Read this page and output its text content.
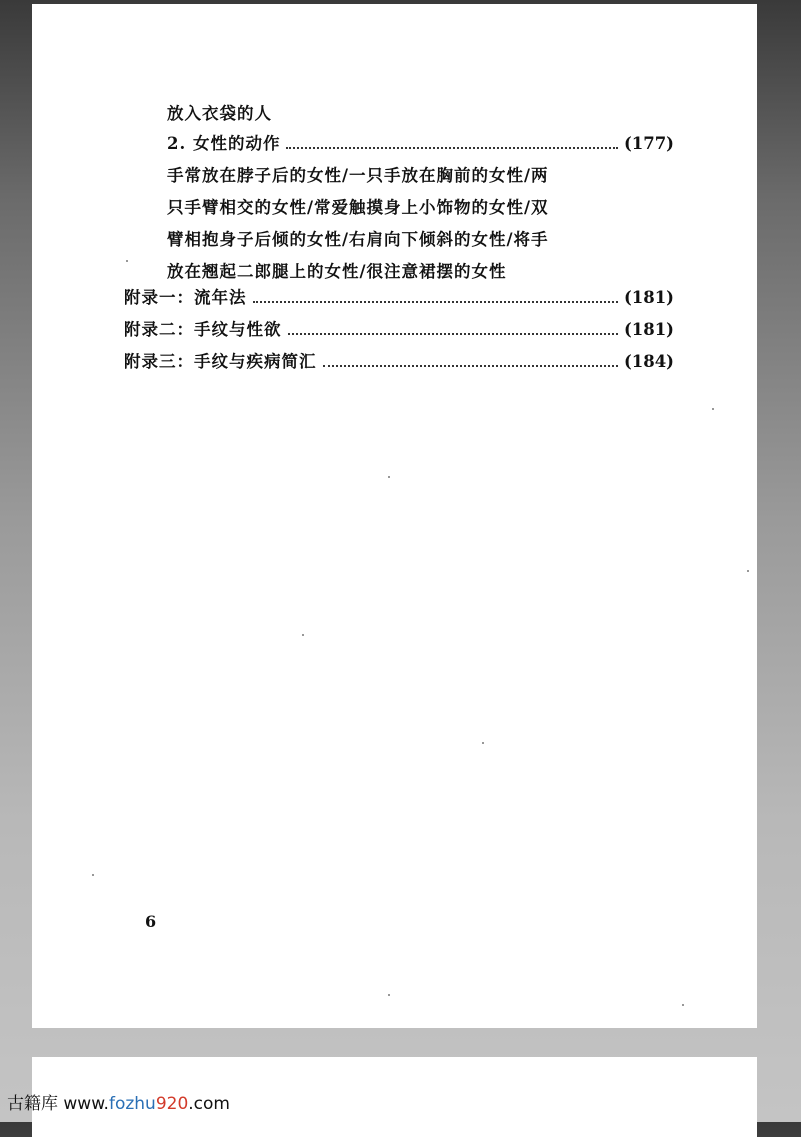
放入衣袋的人
2. 女性的动作	(177)
手常放在脖子后的女性/一只手放在胸前的女性/两
只手臂相交的女性/常爱触摸身上小饰物的女性/双
臂相抱身子后倾的女性/右肩向下倾斜的女性/将手
放在翘起二郎腿上的女性/很注意裙摆的女性
附录一：流年法	(181)
附录二：手纹与性欲	(181)
附录三：手纹与疾病简汇	(184)
6
古籍库 www.fozhu920.com
